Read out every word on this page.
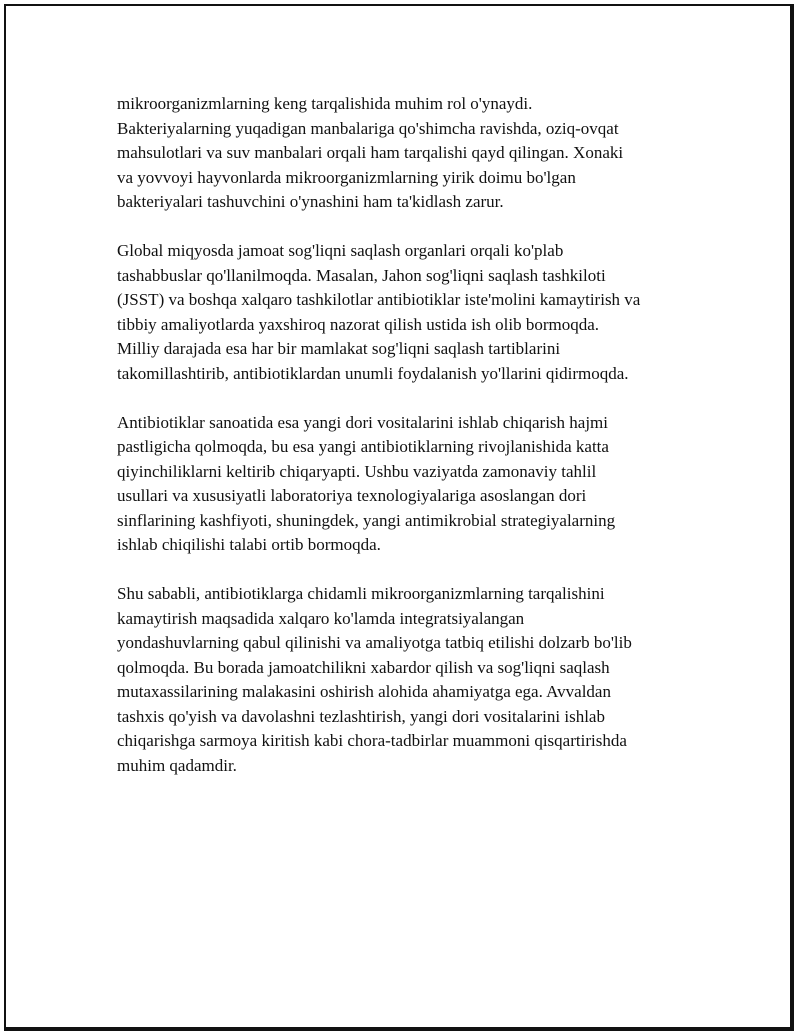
mikroorganizmlarning keng tarqalishida muhim rol o'ynaydi.
Bakteriyalarning yuqadigan manbalariga qo'shimcha ravishda, oziq-ovqat
mahsulotlari va suv manbalari orqali ham tarqalishi qayd qilingan. Xonaki
va yovvoyi hayvonlarda mikroorganizmlarning yirik doimu bo'lgan
bakteriyalari tashuvchini o'ynashini ham ta'kidlash zarur.

Global miqyosda jamoat sog'liqni saqlash organlari orqali ko'plab
tashabbuslar qo'llanilmoqda. Masalan, Jahon sog'liqni saqlash tashkiloti
(JSST) va boshqa xalqaro tashkilotlar antibiotiklar iste'molini kamaytirish va
tibbiy amaliyotlarda yaxshiroq nazorat qilish ustida ish olib bormoqda.
Milliy darajada esa har bir mamlakat sog'liqni saqlash tartiblarini
takomillashtirib, antibiotiklardan unumli foydalanish yo'llarini qidirmoqda.

Antibiotiklar sanoatida esa yangi dori vositalarini ishlab chiqarish hajmi
pastligicha qolmoqda, bu esa yangi antibiotiklarning rivojlanishida katta
qiyinchiliklarni keltirib chiqaryapti. Ushbu vaziyatda zamonaviy tahlil
usullari va xususiyatli laboratoriya texnologiyalariga asoslangan dori
sinflarining kashfiyoti, shuningdek, yangi antimikrobial strategiyalarning
ishlab chiqilishi talabi ortib bormoqda.

Shu sababli, antibiotiklarga chidamli mikroorganizmlarning tarqalishini
kamaytirish maqsadida xalqaro ko'lamda integratsiyalangan
yondashuvlarning qabul qilinishi va amaliyotga tatbiq etilishi dolzarb bo'lib
qolmoqda. Bu borada jamoatchilikni xabardor qilish va sog'liqni saqlash
mutaxassilarining malakasini oshirish alohida ahamiyatga ega. Avvaldan
tashxis qo'yish va davolashni tezlashtirish, yangi dori vositalarini ishlab
chiqarishga sarmoya kiritish kabi chora-tadbirlar muammoni qisqartirishda
muhim qadamdir.
